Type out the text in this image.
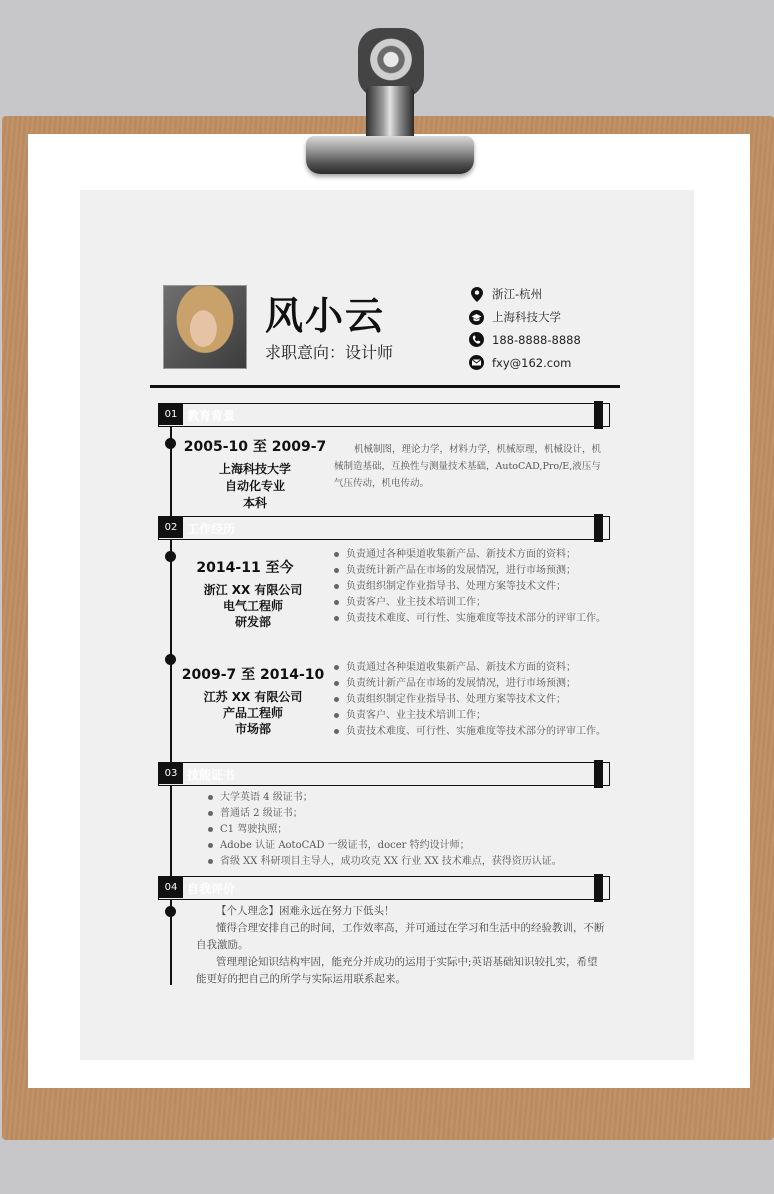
风小云
求职意向：设计师
浙江-杭州
上海科技大学
188-8888-8888
fxy@162.com
01 教育背景
2005-10 至 2009-7
上海科技大学
自动化专业
本科
机械制图，理论力学，材料力学，机械原理，机械设计，机械制造基础，互换性与测量技术基础，AutoCAD,Pro/E,液压与气压传动，机电传动。
02 工作经历
2014-11 至今
浙江 XX 有限公司
电气工程师
研发部
负责通过各种渠道收集新产品、新技术方面的资料；
负责统计新产品在市场的发展情况，进行市场预测；
负责组织制定作业指导书、处理方案等技术文件；
负责客户、业主技术培训工作；
负责技术难度、可行性、实施难度等技术部分的评审工作。
2009-7 至 2014-10
江苏 XX 有限公司
产品工程师
市场部
负责通过各种渠道收集新产品、新技术方面的资料；
负责统计新产品在市场的发展情况，进行市场预测；
负责组织制定作业指导书、处理方案等技术文件；
负责客户、业主技术培训工作；
负责技术难度、可行性、实施难度等技术部分的评审工作。
03 技能证书
大学英语 4 级证书；
普通话 2 级证书；
C1 驾驶执照；
Adobe 认证 AotoCAD 一级证书，docer 特约设计师；
省级 XX 科研项目主导人，成功攻克 XX 行业 XX 技术难点，获得资历认证。
04 自我评价

【个人理念】困难永远在努力下低头！

懂得合理安排自己的时间，工作效率高，并可通过在学习和生活中的经验教训，不断自我激励。

管理理论知识结构牢固，能充分并成功的运用于实际中;英语基础知识较扎实，希望能更好的把自己的所学与实际运用联系起来。
